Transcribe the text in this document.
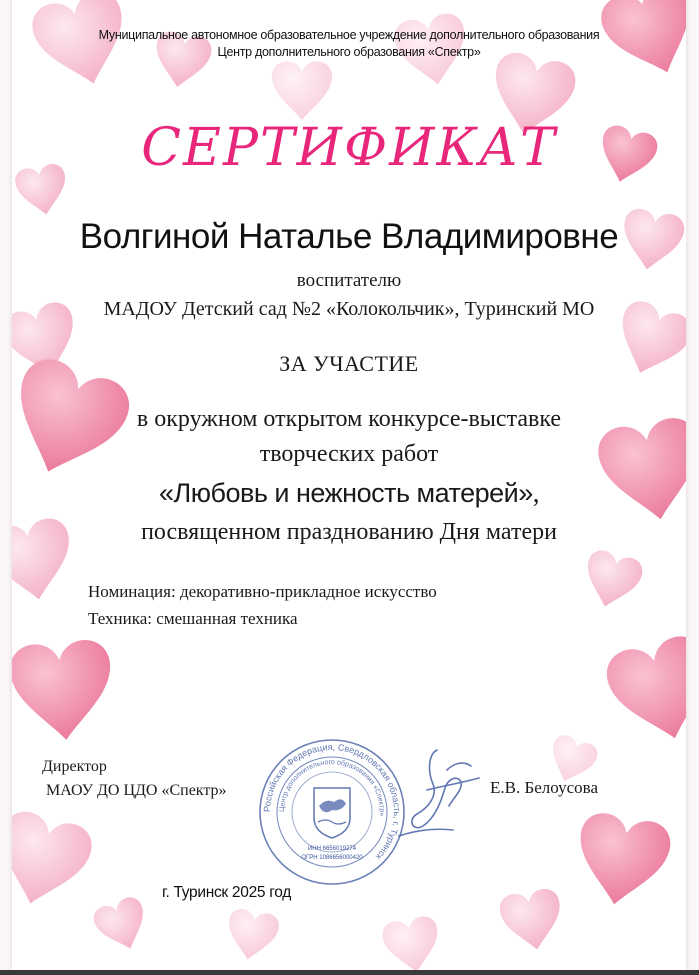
Муниципальное автономное образовательное учреждение дополнительного образования
Центр дополнительного образования «Спектр»
СЕРТИФИКАТ
Волгиной Наталье Владимировне
воспитателю
МАДОУ Детский сад №2 «Колокольчик», Туринский МО
ЗА УЧАСТИЕ
в окружном открытом конкурсе-выставке
творческих работ
«Любовь и нежность матерей»,
посвященном празднованию Дня матери
Номинация: декоративно-прикладное искусство
Техника: смешанная техника
Директор
МАОУ ДО ЦДО «Спектр»
Российская Федерация, Свердловская область, г. Туринск
Центр дополнительного образования «Спектр»
ИНН 6656019274
ОГРН 1086656000420
Е.В. Белоусова
г. Туринск 2025 год
